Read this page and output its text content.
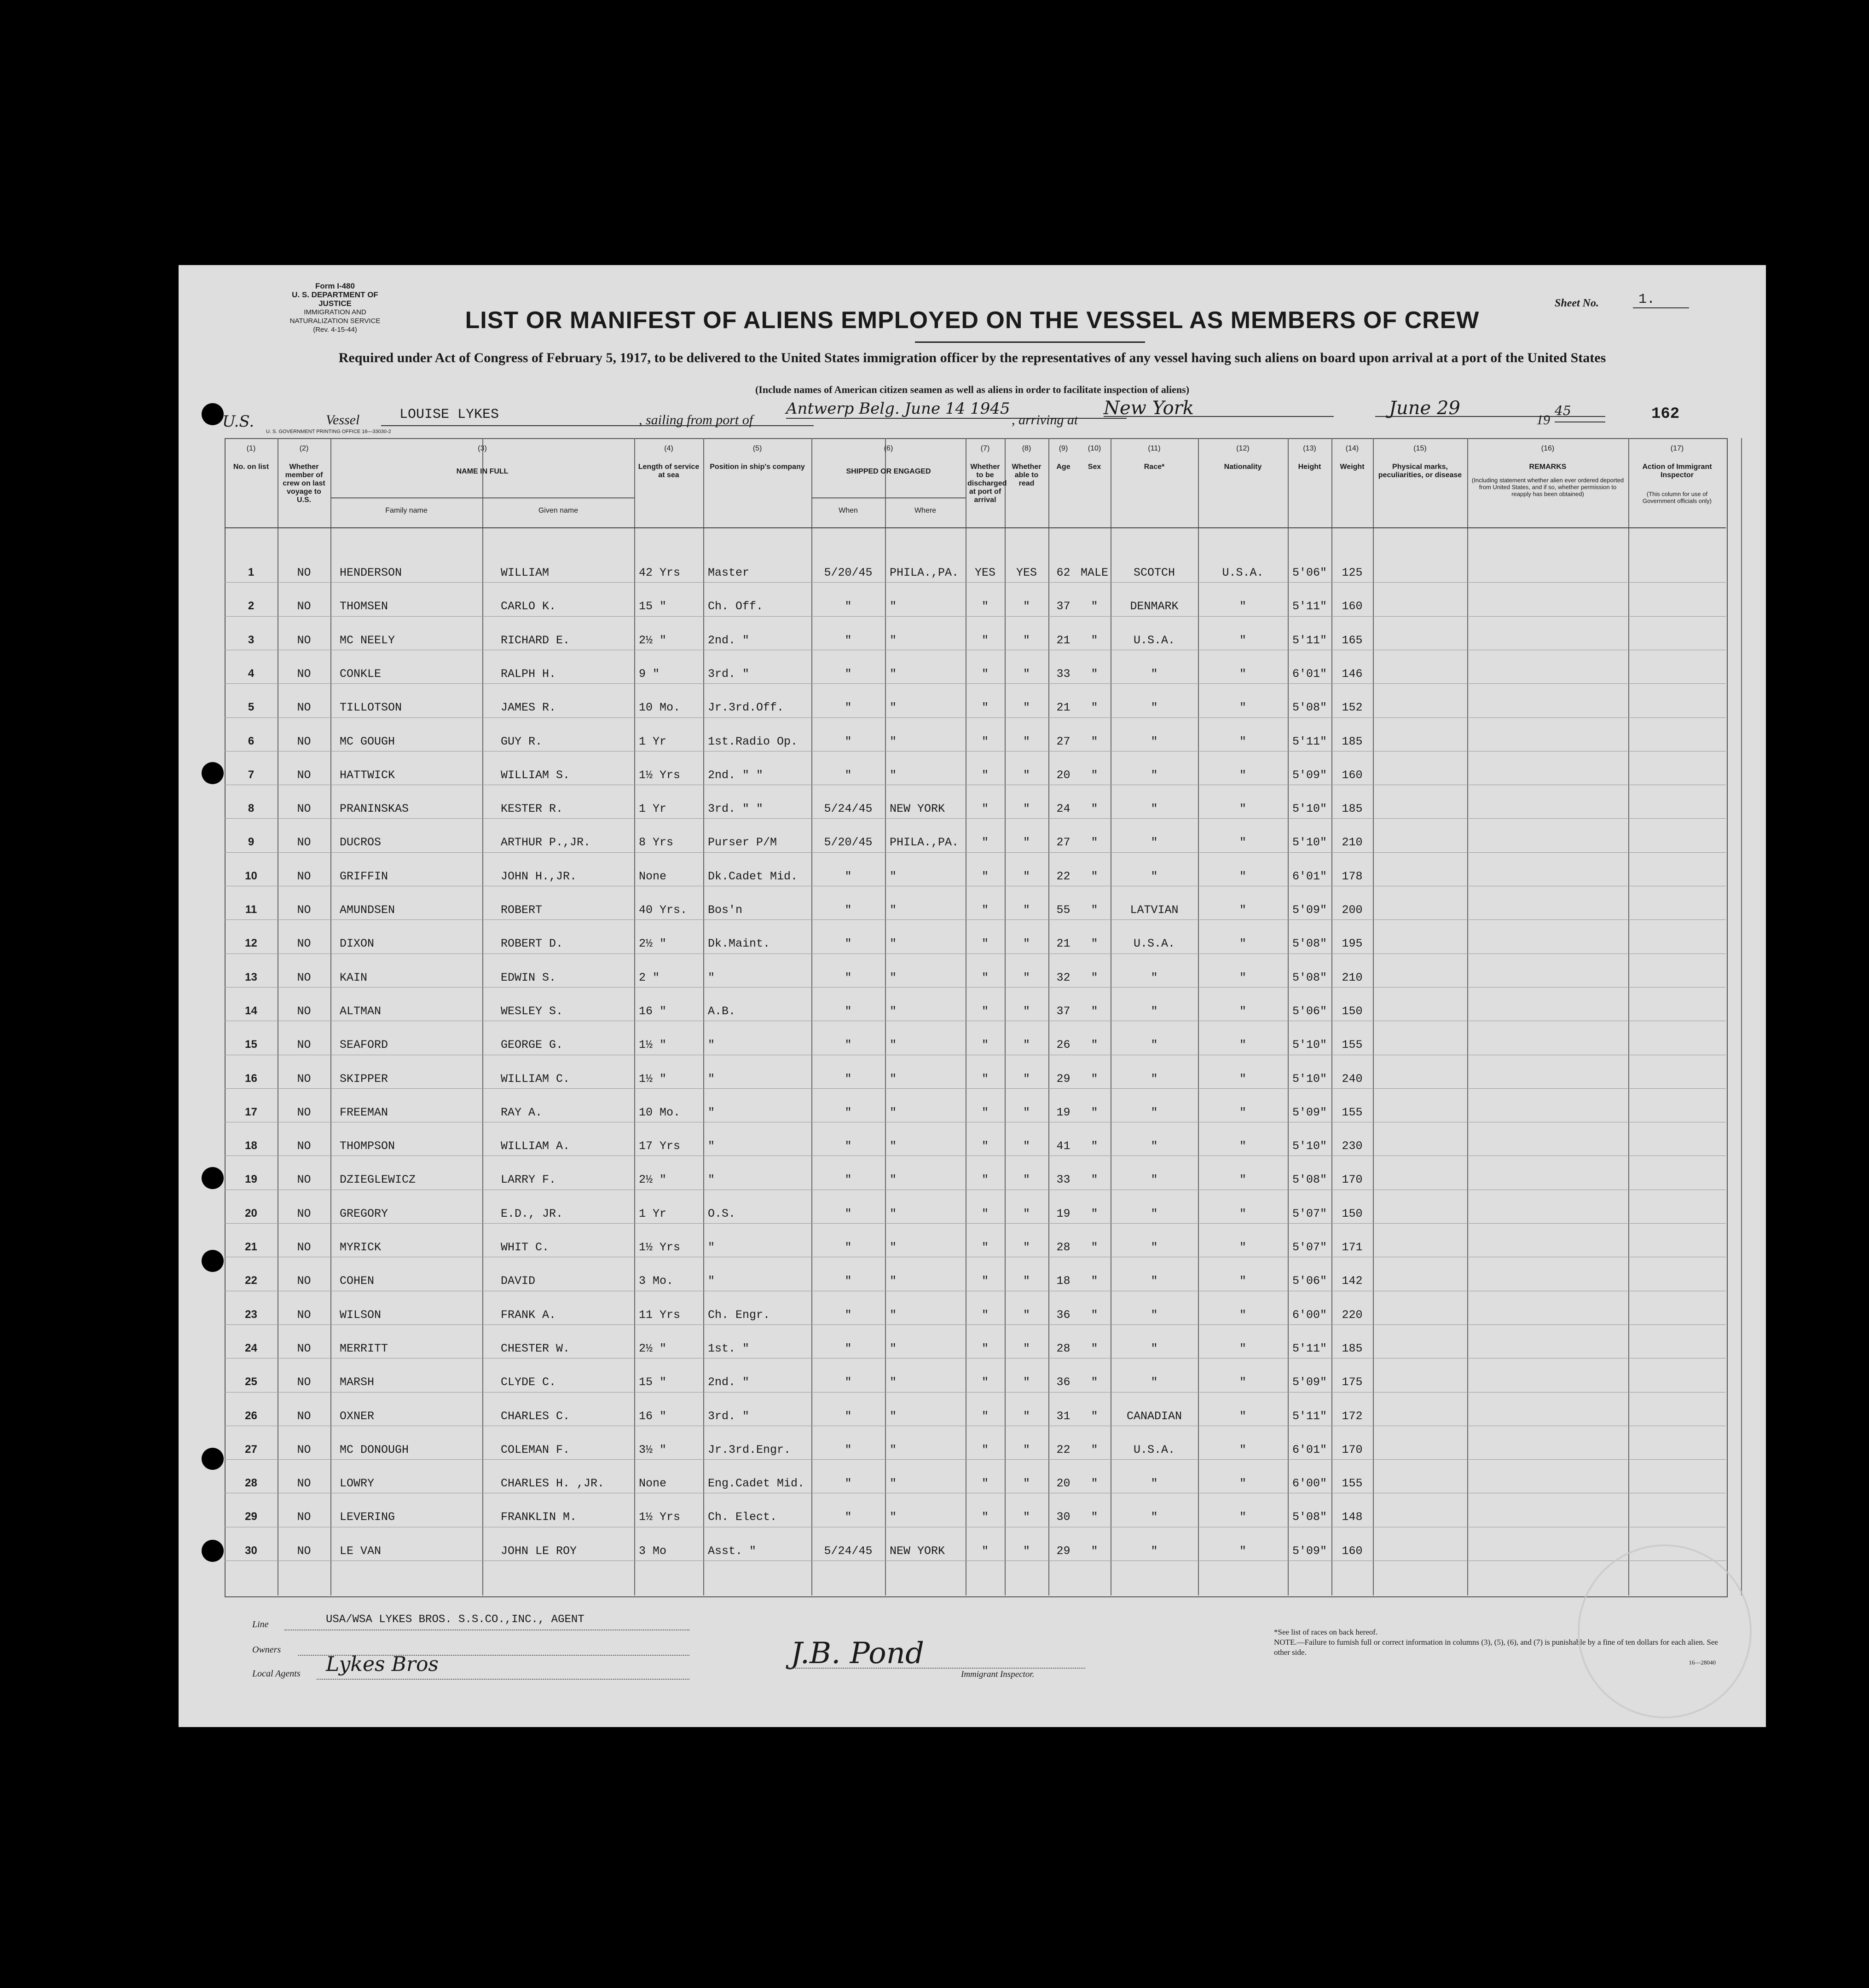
Form I-480
U. S. DEPARTMENT OF JUSTICE
IMMIGRATION AND NATURALIZATION SERVICE
(Rev. 4-15-44)	LIST OR MANIFEST OF ALIENS EMPLOYED ON THE VESSEL AS MEMBERS OF CREW
Required under Act of Congress of February 5, 1917, to be delivered to the United States immigration officer by the representatives of any vessel having such aliens on board upon arrival at a port of the United States
(Include names of American citizen seamen as well as aliens in order to facilitate inspection of aliens)
Sheet No.	1.
U.S.	Vessel	LOUISE LYKES	, sailing from port of
Antwerp Belg. June 14 1945
, arriving at
New York	June 29
19
45	162
U. S. GOVERNMENT PRINTING OFFICE 16—33030-2
(1)
No. on list
(2)
Whether member of crew on last voyage to U.S.
(3)
NAME IN FULL
Family name	Given name
(4)
Length of service at sea
(5)
Position in ship's company
(6)
SHIPPED OR ENGAGED
When	Where
(7)
Whether to be discharged at port of arrival
(8)
Whether able to read
(9)
Age
(10)
Sex
(11)
Race*
(12)
Nationality
(13)
Height
(14)
Weight
(15)
Physical marks, peculiarities, or disease
(16)
REMARKS
(Including statement whether alien ever ordered deported from United States, and if so, whether permission to reapply has been obtained)
(17)
Action of Immigrant Inspector
(This column for use of Government officials only)
1	NO	HENDERSON	WILLIAM	42 Yrs	Master	5/20/45	PHILA.,PA.	YES	YES	62 MALE	SCOTCH	U.S.A.	5'06"	125
2	NO	THOMSEN	CARLO K.	15 "	Ch. Off.	"	"	"	"	37	"	DENMARK	"	5'11"	160
3	NO	MC NEELY	RICHARD E.	2½ "	2nd. "	"	"	"	"	21	"	U.S.A.	"	5'11"	165
4	NO	CONKLE	RALPH H.	9 "	3rd. "	"	"	"	"	33	"	"	"	6'01"	146
5	NO	TILLOTSON	JAMES R.	10 Mo.	Jr.3rd.Off.	"	"	"	"	21	"	"	"	5'08"	152
6	NO	MC GOUGH	GUY R.	1 Yr	1st.Radio Op.	"	"	"	"	27	"	"	"	5'11"	185
7	NO	HATTWICK	WILLIAM S.	1½ Yrs	2nd. " "	"	"	"	"	20	"	"	"	5'09"	160
8	NO	PRANINSKAS	KESTER R.	1 Yr	3rd. " "	5/24/45	NEW YORK	"	"	24	"	"	"	5'10"	185
9	NO	DUCROS	ARTHUR P.,JR.	8 Yrs	Purser P/M	5/20/45	PHILA.,PA.	"	"	27	"	"	"	5'10"	210
10	NO	GRIFFIN	JOHN H.,JR.	None	Dk.Cadet Mid.	"	"	"	"	22	"	"	"	6'01"	178
11	NO	AMUNDSEN	ROBERT	40 Yrs.	Bos'n	"	"	"	"	55	"	LATVIAN	"	5'09"	200
12	NO	DIXON	ROBERT D.	2½ "	Dk.Maint.	"	"	"	"	21	"	U.S.A.	"	5'08"	195
13	NO	KAIN	EDWIN S.	2 "	"	"	"	"	"	32	"	"	"	5'08"	210
14	NO	ALTMAN	WESLEY S.	16 "	A.B.	"	"	"	"	37	"	"	"	5'06"	150
15	NO	SEAFORD	GEORGE G.	1½ "	"	"	"	"	"	26	"	"	"	5'10"	155
16	NO	SKIPPER	WILLIAM C.	1½ "	"	"	"	"	"	29	"	"	"	5'10"	240
17	NO	FREEMAN	RAY A.	10 Mo.	"	"	"	"	"	19	"	"	"	5'09"	155
18	NO	THOMPSON	WILLIAM A.	17 Yrs	"	"	"	"	"	41	"	"	"	5'10"	230
19	NO	DZIEGLEWICZ	LARRY F.	2½ "	"	"	"	"	"	33	"	"	"	5'08"	170
20	NO	GREGORY	E.D., JR.	1 Yr	O.S.	"	"	"	"	19	"	"	"	5'07"	150
21	NO	MYRICK	WHIT C.	1½ Yrs	"	"	"	"	"	28	"	"	"	5'07"	171
22	NO	COHEN	DAVID	3 Mo.	"	"	"	"	"	18	"	"	"	5'06"	142
23	NO	WILSON	FRANK A.	11 Yrs	Ch. Engr.	"	"	"	"	36	"	"	"	6'00"	220
24	NO	MERRITT	CHESTER W.	2½ "	1st. "	"	"	"	"	28	"	"	"	5'11"	185
25	NO	MARSH	CLYDE C.	15 "	2nd. "	"	"	"	"	36	"	"	"	5'09"	175
26	NO	OXNER	CHARLES C.	16 "	3rd. "	"	"	"	"	31	"	CANADIAN	"	5'11"	172
27	NO	MC DONOUGH	COLEMAN F.	3½ "	Jr.3rd.Engr.	"	"	"	"	22	"	U.S.A.	"	6'01"	170
28	NO	LOWRY	CHARLES H. ,JR.	None	Eng.Cadet Mid.	"	"	"	"	20	"	"	"	6'00"	155
29	NO	LEVERING	FRANKLIN M.	1½ Yrs	Ch. Elect.	"	"	"	"	30	"	"	"	5'08"	148
30	NO	LE VAN	JOHN LE ROY	3 Mo	Asst. "	5/24/45	NEW YORK	"	"	29	"	"	"	5'09"	160
Line	USA/WSA LYKES BROS. S.S.CO.,INC., AGENT
Owners
Local Agents Lykes Bros	J.B. Pond
Immigrant Inspector.
*See list of races on back hereof.
NOTE.—Failure to furnish full or correct information in columns (3), (5), (6), and (7) is punishable by a fine of ten dollars for each alien. See other side.
16—28040
